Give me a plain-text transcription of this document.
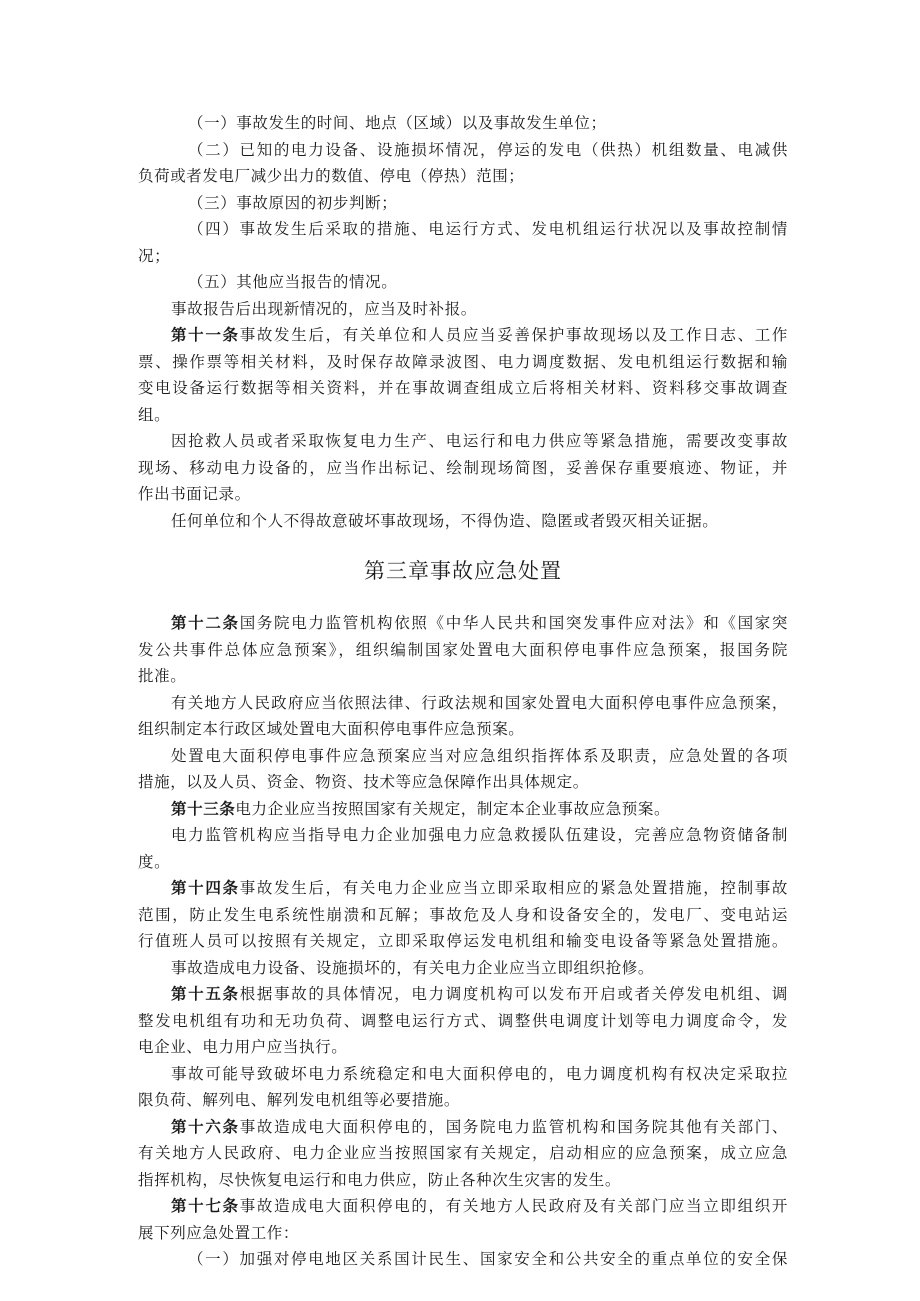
（一）事故发生的时间、地点（区域）以及事故发生单位；
（二）已知的电力设备、设施损坏情况，停运的发电（供热）机组数量、电减供
负荷或者发电厂减少出力的数值、停电（停热）范围；
（三）事故原因的初步判断；
（四）事故发生后采取的措施、电运行方式、发电机组运行状况以及事故控制情
况；
（五）其他应当报告的情况。
事故报告后出现新情况的，应当及时补报。
第十一条事故发生后，有关单位和人员应当妥善保护事故现场以及工作日志、工作
票、操作票等相关材料，及时保存故障录波图、电力调度数据、发电机组运行数据和输
变电设备运行数据等相关资料，并在事故调查组成立后将相关材料、资料移交事故调查
组。
因抢救人员或者采取恢复电力生产、电运行和电力供应等紧急措施，需要改变事故
现场、移动电力设备的，应当作出标记、绘制现场简图，妥善保存重要痕迹、物证，并
作出书面记录。
任何单位和个人不得故意破坏事故现场，不得伪造、隐匿或者毁灭相关证据。
第三章事故应急处置
第十二条国务院电力监管机构依照《中华人民共和国突发事件应对法》和《国家突
发公共事件总体应急预案》，组织编制国家处置电大面积停电事件应急预案，报国务院
批准。
有关地方人民政府应当依照法律、行政法规和国家处置电大面积停电事件应急预案，
组织制定本行政区域处置电大面积停电事件应急预案。
处置电大面积停电事件应急预案应当对应急组织指挥体系及职责，应急处置的各项
措施，以及人员、资金、物资、技术等应急保障作出具体规定。
第十三条电力企业应当按照国家有关规定，制定本企业事故应急预案。
电力监管机构应当指导电力企业加强电力应急救援队伍建设，完善应急物资储备制
度。
第十四条事故发生后，有关电力企业应当立即采取相应的紧急处置措施，控制事故
范围，防止发生电系统性崩溃和瓦解；事故危及人身和设备安全的，发电厂、变电站运
行值班人员可以按照有关规定，立即采取停运发电机组和输变电设备等紧急处置措施。
事故造成电力设备、设施损坏的，有关电力企业应当立即组织抢修。
第十五条根据事故的具体情况，电力调度机构可以发布开启或者关停发电机组、调
整发电机组有功和无功负荷、调整电运行方式、调整供电调度计划等电力调度命令，发
电企业、电力用户应当执行。
事故可能导致破坏电力系统稳定和电大面积停电的，电力调度机构有权决定采取拉
限负荷、解列电、解列发电机组等必要措施。
第十六条事故造成电大面积停电的，国务院电力监管机构和国务院其他有关部门、
有关地方人民政府、电力企业应当按照国家有关规定，启动相应的应急预案，成立应急
指挥机构，尽快恢复电运行和电力供应，防止各种次生灾害的发生。
第十七条事故造成电大面积停电的，有关地方人民政府及有关部门应当立即组织开
展下列应急处置工作：
（一）加强对停电地区关系国计民生、国家安全和公共安全的重点单位的安全保
